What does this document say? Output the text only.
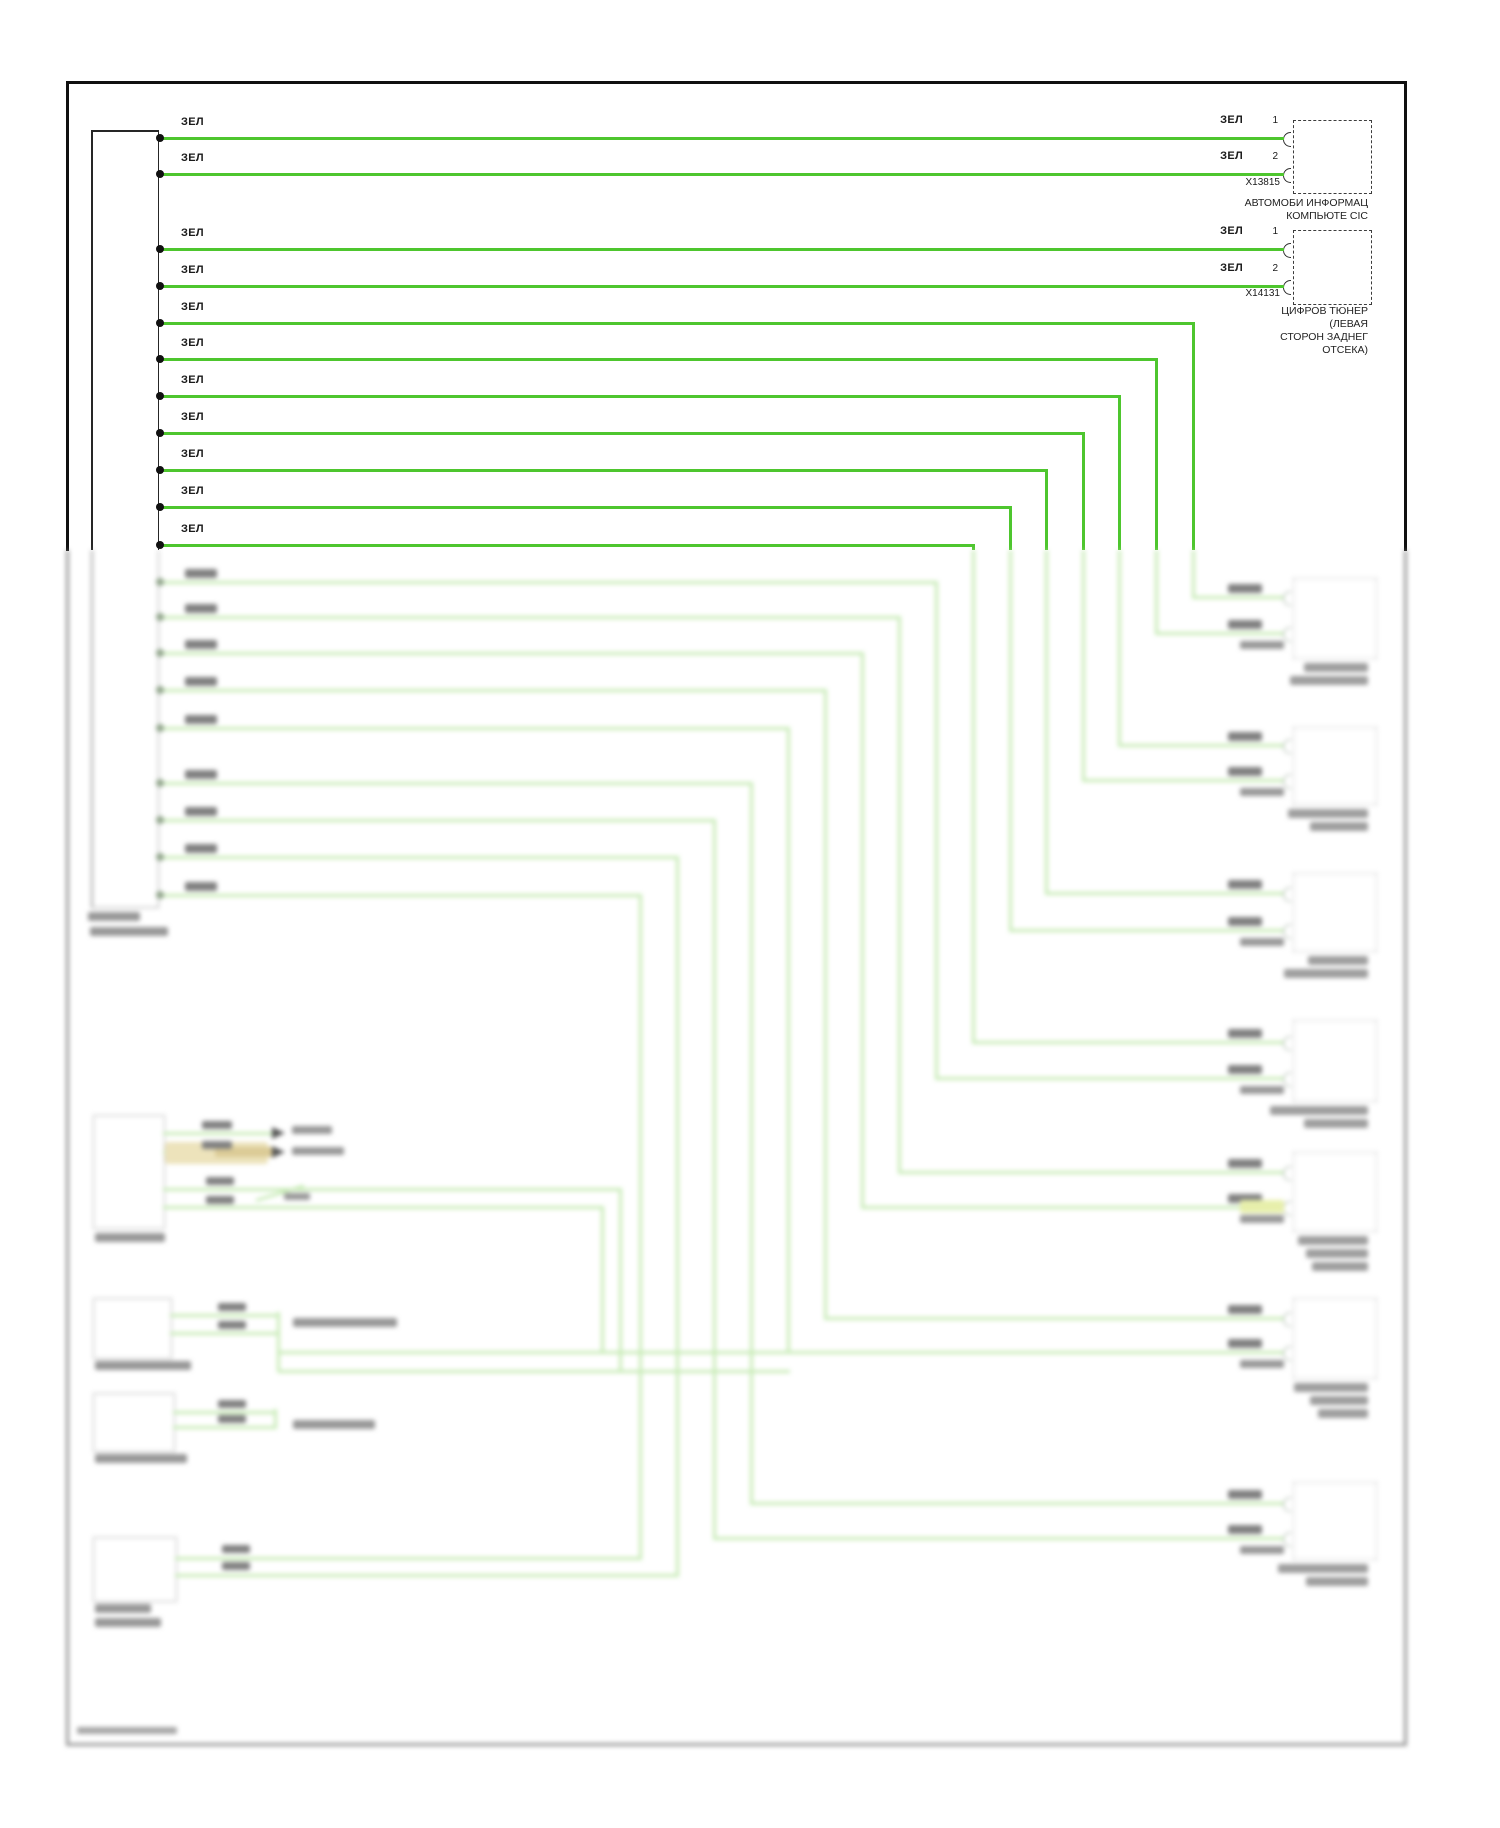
ЗЕЛ
ЗЕЛ
ЗЕЛ
ЗЕЛ
ЗЕЛ
ЗЕЛ
ЗЕЛ
ЗЕЛ
ЗЕЛ
ЗЕЛ
ЗЕЛ
ЗЕЛ
ЗЕЛ
ЗЕЛ
ЗЕЛ
1
2
1
2
X13815
X14131
АВТОМОБИ ИНФОРМАЦ
КОМПЬЮТЕ CIC
ЦИФРОВ ТЮНЕР
(ЛЕВАЯ
СТОРОН ЗАДНЕГ
ОТСЕКА)
